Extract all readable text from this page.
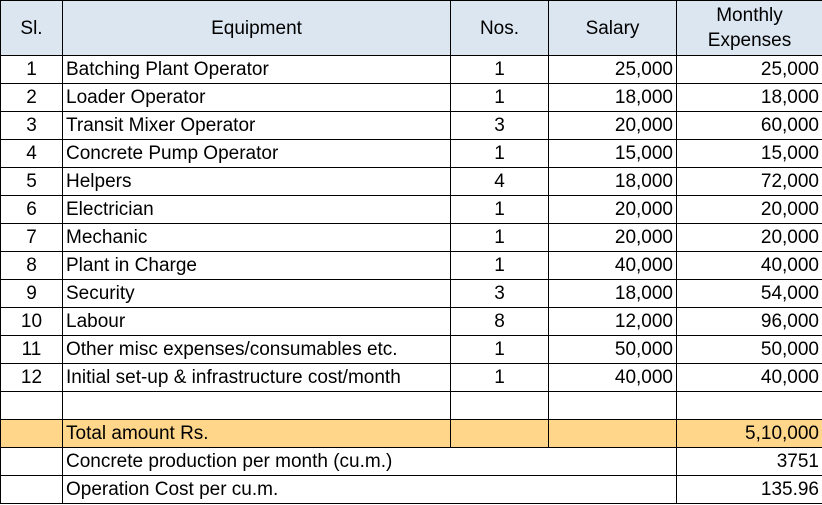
Sl.	Equipment	Nos.	Salary	Monthly Expenses
1	Batching Plant Operator	1	25,000	25,000
2	Loader Operator	1	18,000	18,000
3	Transit Mixer Operator	3	20,000	60,000
4	Concrete Pump Operator	1	15,000	15,000
5	Helpers	4	18,000	72,000
6	Electrician	1	20,000	20,000
7	Mechanic	1	20,000	20,000
8	Plant in Charge	1	40,000	40,000
9	Security	3	18,000	54,000
10	Labour	8	12,000	96,000
11	Other misc expenses/consumables etc.	1	50,000	50,000
12	Initial set-up & infrastructure cost/month	1	40,000	40,000

	Total amount Rs.			5,10,000
	Concrete production per month (cu.m.)			3751
	Operation Cost per cu.m.			135.96
